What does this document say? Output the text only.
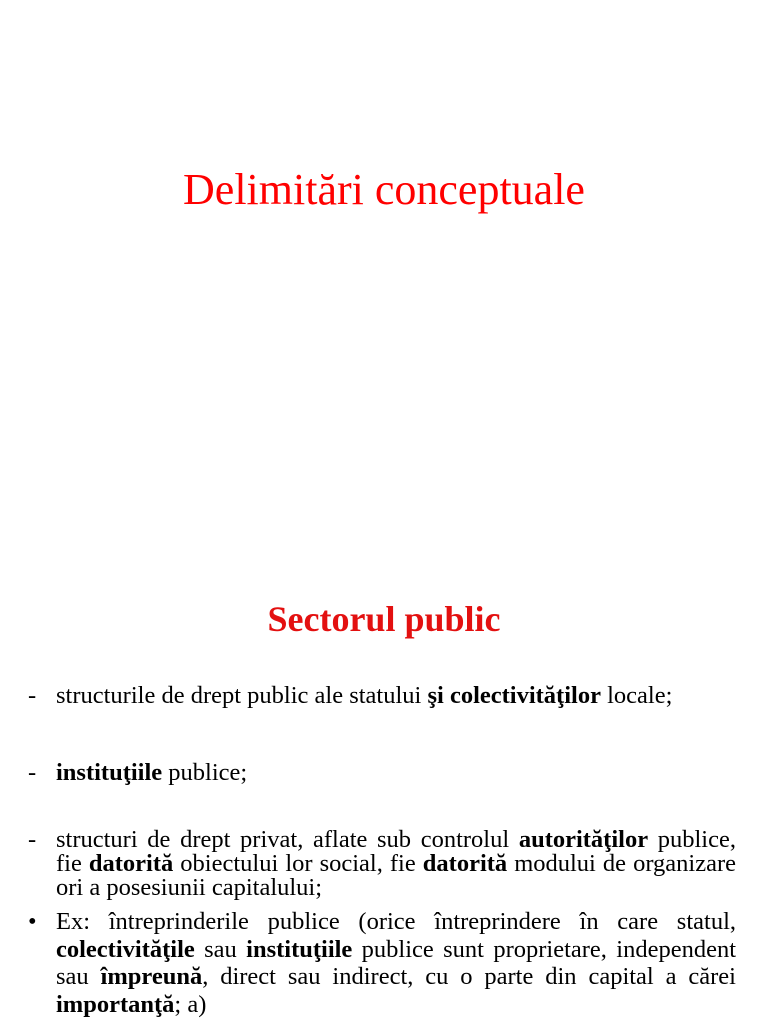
Delimitări conceptuale
Sectorul public
- structurile de drept public ale statului şi colectivităţilor locale;
- instituţiile publice;
- structuri de drept privat, aflate sub controlul autorităţilor publice, fie datorită obiectului lor social, fie datorită modului de organizare ori a posesiunii capitalului;
• Ex: întreprinderile publice (orice întreprindere în care statul, colectivităţile sau instituţiile publice sunt proprietare, independent sau împreună, direct sau indirect, cu o parte din capital a cărei importanţă; a)
